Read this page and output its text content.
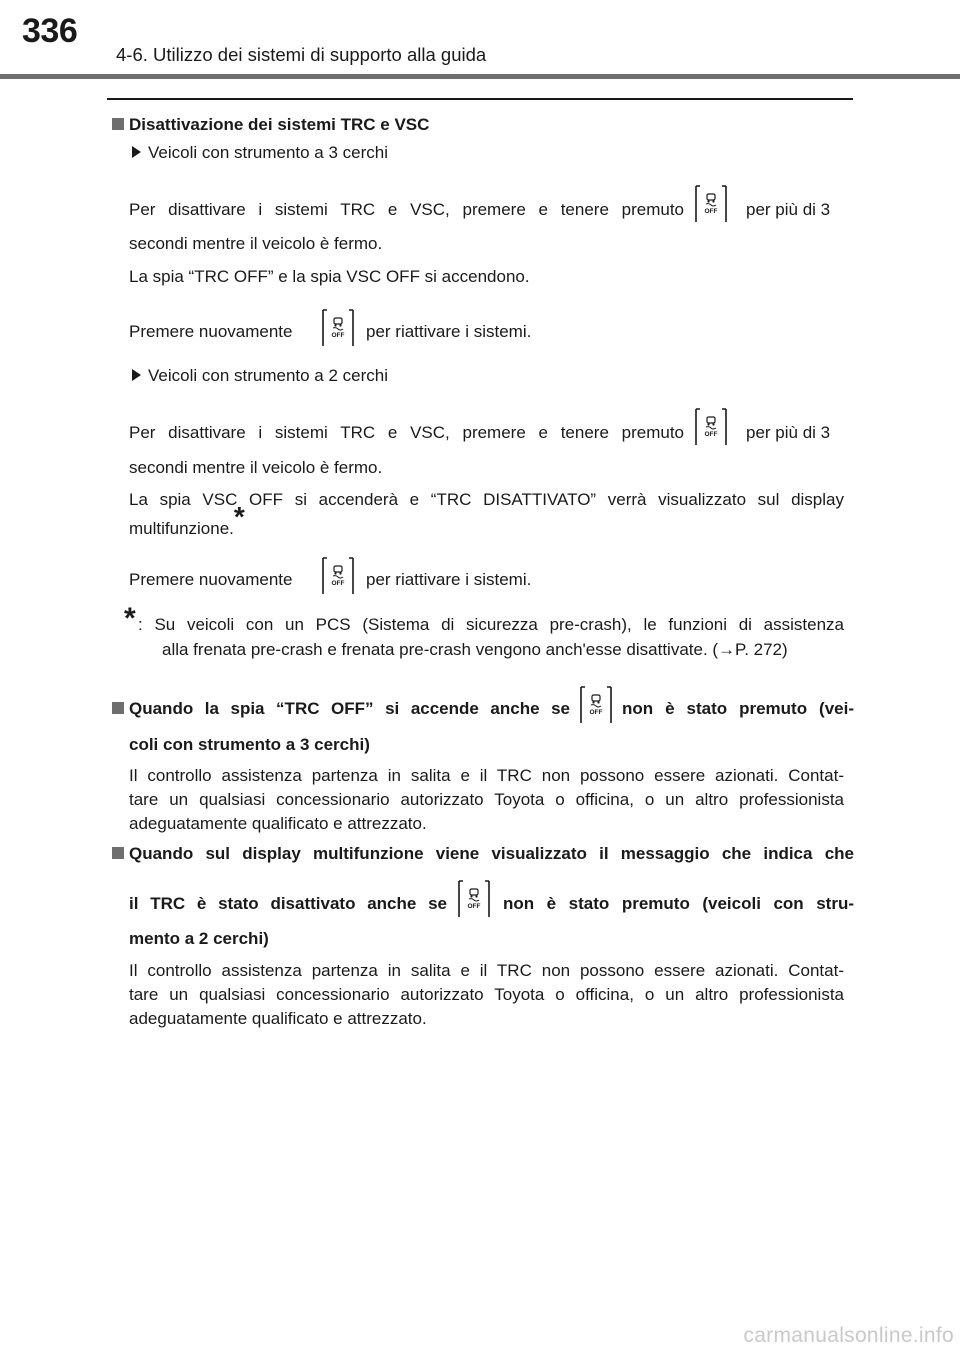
336
4-6. Utilizzo dei sistemi di supporto alla guida
Disattivazione dei sistemi TRC e VSC
Veicoli con strumento a 3 cerchi
Per disattivare i sistemi TRC e VSC, premere e tenere premuto	OFF per più di 3
secondi mentre il veicolo è fermo.
La spia “TRC OFF” e la spia VSC OFF si accendono.
Premere nuovamente	OFF per riattivare i sistemi.
Veicoli con strumento a 2 cerchi
Per disattivare i sistemi TRC e VSC, premere e tenere premuto	OFF per più di 3
secondi mentre il veicolo è fermo.
La spia VSC OFF si accenderà e “TRC DISATTIVATO” verrà visualizzato sul display
multifunzione.*
Premere nuovamente	OFF per riattivare i sistemi.
* : Su veicoli con un PCS (Sistema di sicurezza pre-crash), le funzioni di assistenza
alla frenata pre-crash e frenata pre-crash vengono anch'esse disattivate. (→P. 272)
Quando la spia “TRC OFF” si accende anche se	OFF non è stato premuto (vei-
coli con strumento a 3 cerchi)
Il controllo assistenza partenza in salita e il TRC non possono essere azionati. Contat-
tare un qualsiasi concessionario autorizzato Toyota o officina, o un altro professionista
adeguatamente qualificato e attrezzato.
Quando sul display multifunzione viene visualizzato il messaggio che indica che
il TRC è stato disattivato anche se	OFF non è stato premuto (veicoli con stru-
mento a 2 cerchi)
Il controllo assistenza partenza in salita e il TRC non possono essere azionati. Contat-
tare un qualsiasi concessionario autorizzato Toyota o officina, o un altro professionista
adeguatamente qualificato e attrezzato.
carmanualsonline.info
